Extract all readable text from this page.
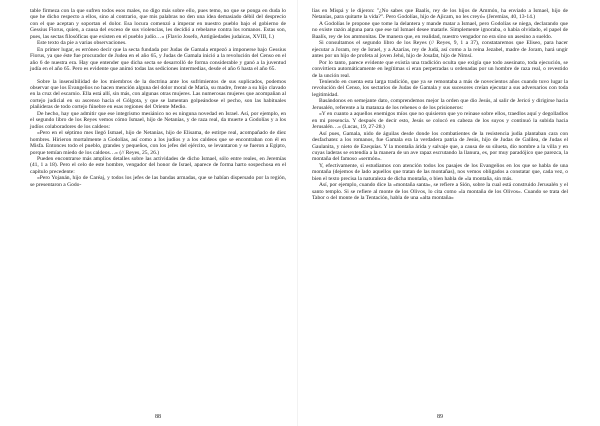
table firmeza con la que sufren todos esos males, no digo más sobre ello, pues temo, no que se ponga en duda lo que he dicho respecto a ellos, sino al contrario, que mis palabras no den una idea demasiado débil del desprecio con el que aceptan y soportan el dolor. Esa locura comenzó a imperar en nuestro pueblo bajo el gobierno de Gessius Florus, quien, a causa del exceso de sus violencias, les decidió a rebelarse contra los romanos. Estas son, pues, las sectas filosóficas que existen en el pueblo judío…» (Flavio Josefo, Antigüedades judaicas, XVIII, I.)

Este texto da pie a varias observaciones.

En primer lugar, es erróneo decir que la secta fundada por Judas de Gamala empezó a imponerse bajo Gessius Florus, ya que éste fue procurador de Judea en el año 65, y Judas de Gamala inició a la revolución del Censo en el año 6 de nuestra era. Hay que entender que dicha secta se desarrolló de forma considerable y ganó a la juventud judía en el año 65. Pero es evidente que animó todas las sediciones intermedias, desde el año 6 hasta el año 65.

Sobre la insensibilidad de los miembros de la doctrina ante los sufrimientos de sus suplicados, podemos observar que los Evangelios no hacen mención alguna del dolor moral de María, su madre, frente a su hijo clavado en la cruz del escarnio. Ella está allí, sin más, con algunas otras mujeres. Las numerosas mujeres que acompañan al cortejo judicial en su ascenso hacia el Gólgota, y que se lamentan golpeándose el pecho, son las habituales plañideras de todo cortejo fúnebre en esas regiones del Oriente Medio.

De hecho, hay que admitir que ese integrismo mesiánico no es ninguna novedad en Israel. Así, por ejemplo, en el segundo libro de los Reyes vemos cómo Ismael, hijo de Netanías, y de raza real, da muerte a Godolías y a los judíos colaboradores de los caldeos:

«Pero en el séptimo mes llegó Ismael, hijo de Netanías, hijo de Elisama, de estirpe real, acompañado de diez hombres. Hirieron mortalmente a Godolías, así como a los judíos y a los caldeos que se encontraban con él en Misfa. Entonces todo el pueblo, grandes y pequeños, con los jefes del ejército, se levantaron y se fueron a Egipto, porque temían miedo de los caldeos…» (// Reyes, 25, 26.)

Pueden encontrarse más amplios detalles sobre las actividades de dicho Ismael, sólo entre reales, en Jeremías (41, 1 a 18). Pero el celo de este hombre, vengador del honor de Israel, aparece de forma harto sospechosa en el capítulo precedente:

«Pero Yojanán, hijo de Caréaj, y todos los jefes de las bandas armadas, que se habían dispersado por la región, se presentaron a Godo-

88

lías en Mispá y le dijeron: "¿No sabes que Baalís, rey de los hijos de Ammón, ha enviado a Ismael, hijo de Netanías, para quitarte la vida?". Pero Godolías, hijo de Ajicam, no les creyó» (Jeremías, 40, 13-14.)

A Godolías le propone que tome la delantera y mande matar a Ismael, pero Godolías se niega, declarando que no existe razón alguna para que ese tal Ismael desee matarle. Simplemente ignoraba, o había olvidado, el papel de Baalís, rey de los ammonitas. De manera que, en realidad, nuestro vengador no era sino un asesino a sueldo.

Si consultamos el segundo libro de los Reyes (// Reyes, 9, 1 a 37), constataremos que Eliseo, para hacer ejecutar a Joram, rey de Israel, y a Azarías, rey de Judá, así como a la reina Jezabel, madre de Joram, hará ungir antes por un hijo de profeta al joven Jehú, hijo de Josafat, hijo de Nimsí.

Por lo tanto, parece evidente que existía una tradición oculta que exigía que todo asesinato, toda ejecución, se convirtiera automáticamente en legítimas si eran perpetradas u ordenadas por un hombre de raza real, o revestido de la unción real.

Teniendo en cuenta esta larga tradición, que ya se remontaba a más de novecientos años cuando tuvo lugar la revolución del Censo, los sectarios de Judas de Gamala y sus sucesores creían ejecutar a sus adversarios con toda legitimidad.

Basándonos en semejante dato, comprendemos mejor la orden que dio Jesús, al salir de Jericó y dirigirse hacia Jerusalén, referente a la matanza de los rehenes o de los prisioneros:

«Y en cuanto a aquellos enemigos míos que no quisieron que yo reinase sobre ellos, traedlos aquí y degolladlos en mi presencia. Y después de decir esto, Jesús se colocó en cabeza de los suyos y continuó la subida hacia Jerusalén…» (Lucas, 19, 27-28.)

Así pues, Gamala, nido de águilas desde donde los combatientes de la resistencia judía plantaban cara con desfachatez a los romanos, fue Gamala era la verdadera patria de Jesús, hijo de Judas de Galilea, de Judas el Gaulanita, y nieto de Ezequías. Y la montaña árida y salvaje que, a causa de su silueta, dio nombre a la villa y en cuyas laderas se extendía a la manera de un ave rapaz escrutando la llanura, es, por muy paradójico que parezca, la montaña del famoso «sermón».

Y, efectivamente, si estudiamos con atención todos los pasajes de los Evangelios en los que se habla de una montaña (dejemos de lado aquellos que tratan de las montañas), nos vemos obligados a constatar que, cada vez, o bien el texto precisa la naturaleza de dicha montaña, o bien habla de «la montaña, sin más.

Así, por ejemplo, cuando dice la «montaña santa», se refiere a Sión, sobre la cual está construido Jerusalén y el santo templo. Si se refiere al monte de los Olivos, lo cita como «la montaña de los Olivos». Cuando se trata del Tabor o del monte de la Tentación, habla de una «alta montaña»

89
